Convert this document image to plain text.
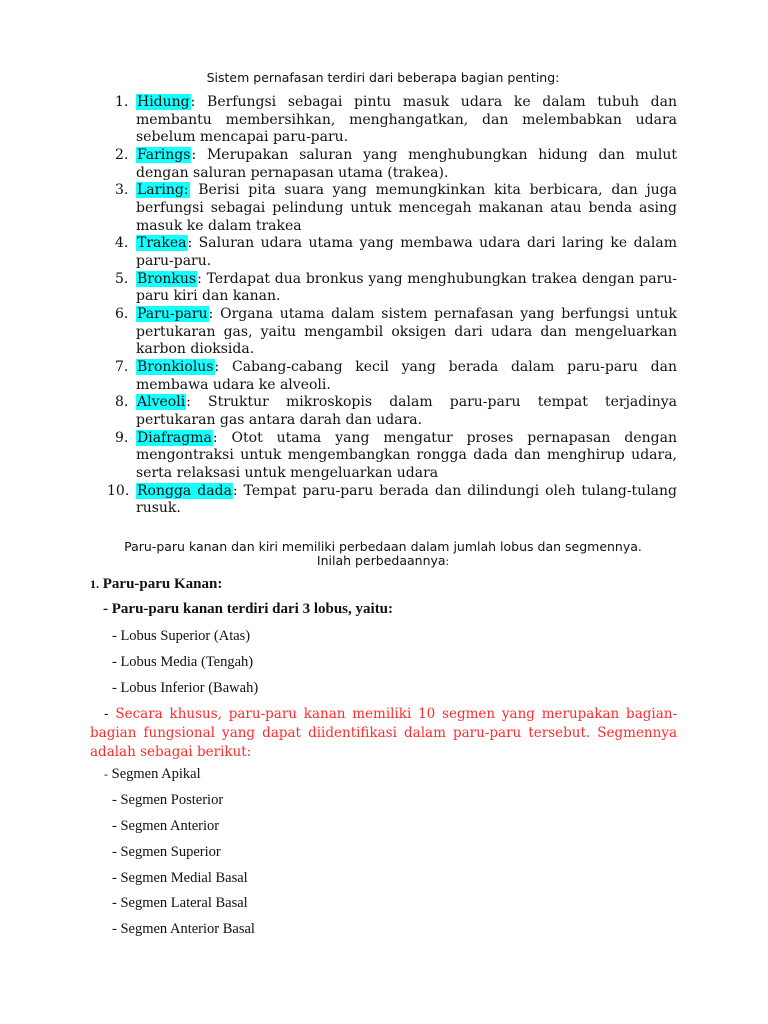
Sistem pernafasan terdiri dari beberapa bagian penting:
1. Hidung: Berfungsi sebagai pintu masuk udara ke dalam tubuh dan membantu membersihkan, menghangatkan, dan melembabkan udara sebelum mencapai paru-paru.
2. Farings: Merupakan saluran yang menghubungkan hidung dan mulut dengan saluran pernapasan utama (trakea).
3. Laring: Berisi pita suara yang memungkinkan kita berbicara, dan juga berfungsi sebagai pelindung untuk mencegah makanan atau benda asing masuk ke dalam trakea
4. Trakea: Saluran udara utama yang membawa udara dari laring ke dalam paru-paru.
5. Bronkus: Terdapat dua bronkus yang menghubungkan trakea dengan paru-paru kiri dan kanan.
6. Paru-paru: Organa utama dalam sistem pernafasan yang berfungsi untuk pertukaran gas, yaitu mengambil oksigen dari udara dan mengeluarkan karbon dioksida.
7. Bronkiolus: Cabang-cabang kecil yang berada dalam paru-paru dan membawa udara ke alveoli.
8. Alveoli: Struktur mikroskopis dalam paru-paru tempat terjadinya pertukaran gas antara darah dan udara.
9. Diafragma: Otot utama yang mengatur proses pernapasan dengan mengontraksi untuk mengembangkan rongga dada dan menghirup udara, serta relaksasi untuk mengeluarkan udara
10. Rongga dada: Tempat paru-paru berada dan dilindungi oleh tulang-tulang rusuk.
Paru-paru kanan dan kiri memiliki perbedaan dalam jumlah lobus dan segmennya.
Inilah perbedaannya:
1. Paru-paru Kanan:
- Paru-paru kanan terdiri dari 3 lobus, yaitu:
- Lobus Superior (Atas)
- Lobus Media (Tengah)
- Lobus Inferior (Bawah)
- Secara khusus, paru-paru kanan memiliki 10 segmen yang merupakan bagian-bagian fungsional yang dapat diidentifikasi dalam paru-paru tersebut. Segmennya adalah sebagai berikut:
- Segmen Apikal
- Segmen Posterior
- Segmen Anterior
- Segmen Superior
- Segmen Medial Basal
- Segmen Lateral Basal
- Segmen Anterior Basal
